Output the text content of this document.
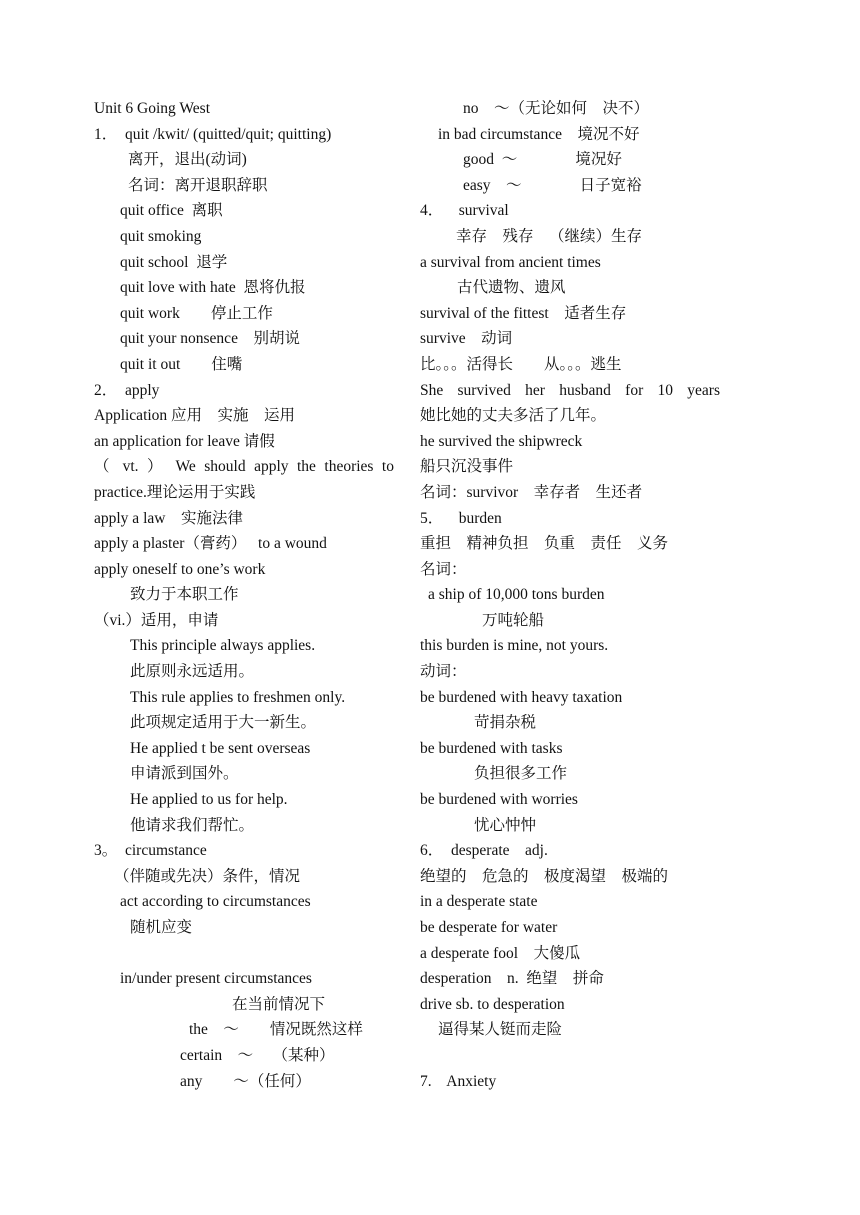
Unit 6 Going West
1．  quit /kwit/ (quitted/quit; quitting)
离开，退出(动词)
名词：离开退职辞职
quit office  离职
quit smoking
quit school  退学
quit love with hate  恩将仇报
quit work        停止工作
quit your nonsence    别胡说
quit it out        住嘴
2．  apply
Application 应用    实施    运用
an application for leave 请假
（ vt. ） We should apply the theories to
practice.理论运用于实践
apply a law    实施法律
apply a plaster（膏药）   to a wound
apply oneself to one’s work
致力于本职工作
（vi.）适用，申请
This principle always applies.
此原则永远适用。
This rule applies to freshmen only.
此项规定适用于大一新生。
He applied t be sent overseas
申请派到国外。
He applied to us for help.
他请求我们帮忙。
3。  circumstance
（伴随或先决）条件，情况
act according to circumstances
随机应变
in/under present circumstances
在当前情况下
the    ～        情况既然这样
certain    ～     （某种）
any        ～（任何）
no    ～（无论如何    决不）
in bad circumstance    境况不好
good  ～               境况好
easy    ～               日子宽裕
4．    survival
幸存    残存    （继续）生存
a survival from ancient times
古代遗物、遗风
survival of the fittest    适者生存
survive    动词
比。。。活得长        从。。。逃生
She survived her husband for 10 years
她比她的丈夫多活了几年。
he survived the shipwreck
船只沉没事件
名词：survivor    幸存者    生还者
5．    burden
重担    精神负担    负重    责任    义务
名词：
a ship of 10,000 tons burden
万吨轮船
this burden is mine, not yours.
动词：
be burdened with heavy taxation
苛捐杂税
be burdened with tasks
负担很多工作
be burdened with worries
忧心忡忡
6．  desperate    adj.
绝望的    危急的    极度渴望    极端的
in a desperate state
be desperate for water
a desperate fool    大傻瓜
desperation    n.  绝望    拼命
drive sb. to desperation
逼得某人铤而走险
7.    Anxiety
